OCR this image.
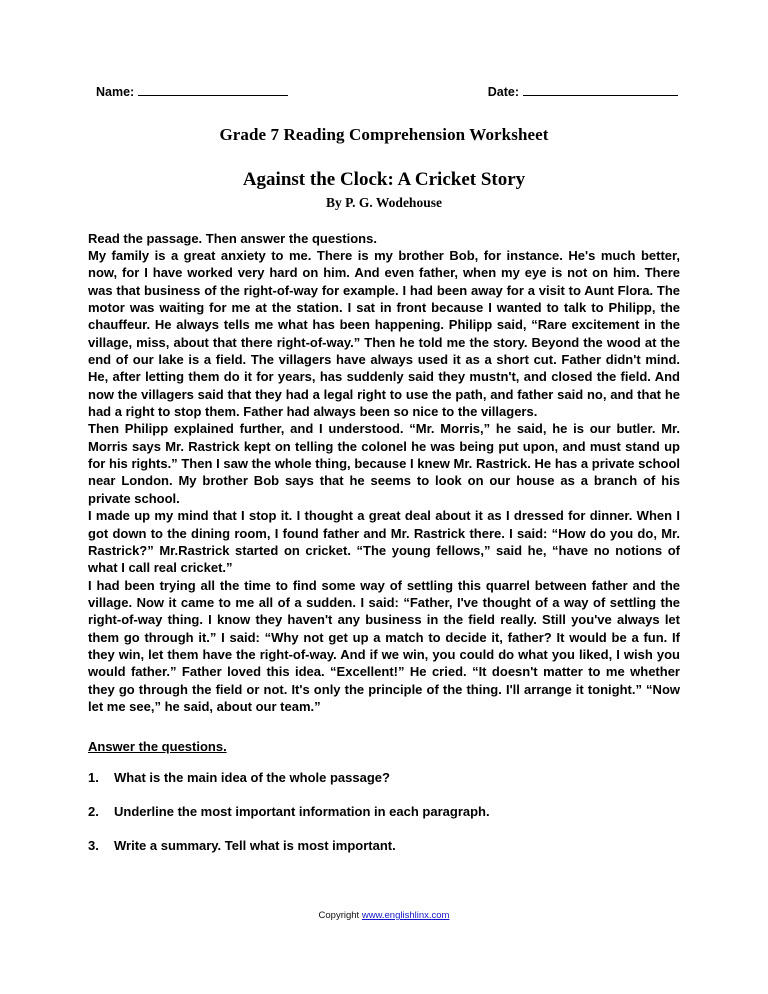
Name:	Date:
Grade 7 Reading Comprehension Worksheet
Against the Clock: A Cricket Story
By P. G. Wodehouse
Read the passage. Then answer the questions.

My family is a great anxiety to me. There is my brother Bob, for instance. He's much better, now, for I have worked very hard on him. And even father, when my eye is not on him. There was that business of the right-of-way for example. I had been away for a visit to Aunt Flora. The motor was waiting for me at the station. I sat in front because I wanted to talk to Philipp, the chauffeur. He always tells me what has been happening. Philipp said, “Rare excitement in the village, miss, about that there right-of-way.” Then he told me the story. Beyond the wood at the end of our lake is a field. The villagers have always used it as a short cut. Father didn't mind. He, after letting them do it for years, has suddenly said they mustn't, and closed the field. And now the villagers said that they had a legal right to use the path, and father said no, and that he had a right to stop them. Father had always been so nice to the villagers.

Then Philipp explained further, and I understood. “Mr. Morris,” he said, he is our butler. Mr. Morris says Mr. Rastrick kept on telling the colonel he was being put upon, and must stand up for his rights.” Then I saw the whole thing, because I knew Mr. Rastrick. He has a private school near London. My brother Bob says that he seems to look on our house as a branch of his private school.

I made up my mind that I stop it. I thought a great deal about it as I dressed for dinner. When I got down to the dining room, I found father and Mr. Rastrick there. I said: “How do you do, Mr. Rastrick?” Mr.Rastrick started on cricket. “The young fellows,” said he, “have no notions of what I call real cricket.”

I had been trying all the time to find some way of settling this quarrel between father and the village. Now it came to me all of a sudden. I said: “Father, I've thought of a way of settling the right-of-way thing. I know they haven't any business in the field really. Still you've always let them go through it.” I said: “Why not get up a match to decide it, father? It would be a fun. If they win, let them have the right-of-way. And if we win, you could do what you liked, I wish you would father.” Father loved this idea. “Excellent!” He cried. “It doesn't matter to me whether they go through the field or not. It's only the principle of the thing. I'll arrange it tonight.” “Now let me see,” he said, about our team.”

Answer the questions.
1. What is the main idea of the whole passage?
2. Underline the most important information in each paragraph.
3. Write a summary. Tell what is most important.
Copyright www.englishlinx.com
